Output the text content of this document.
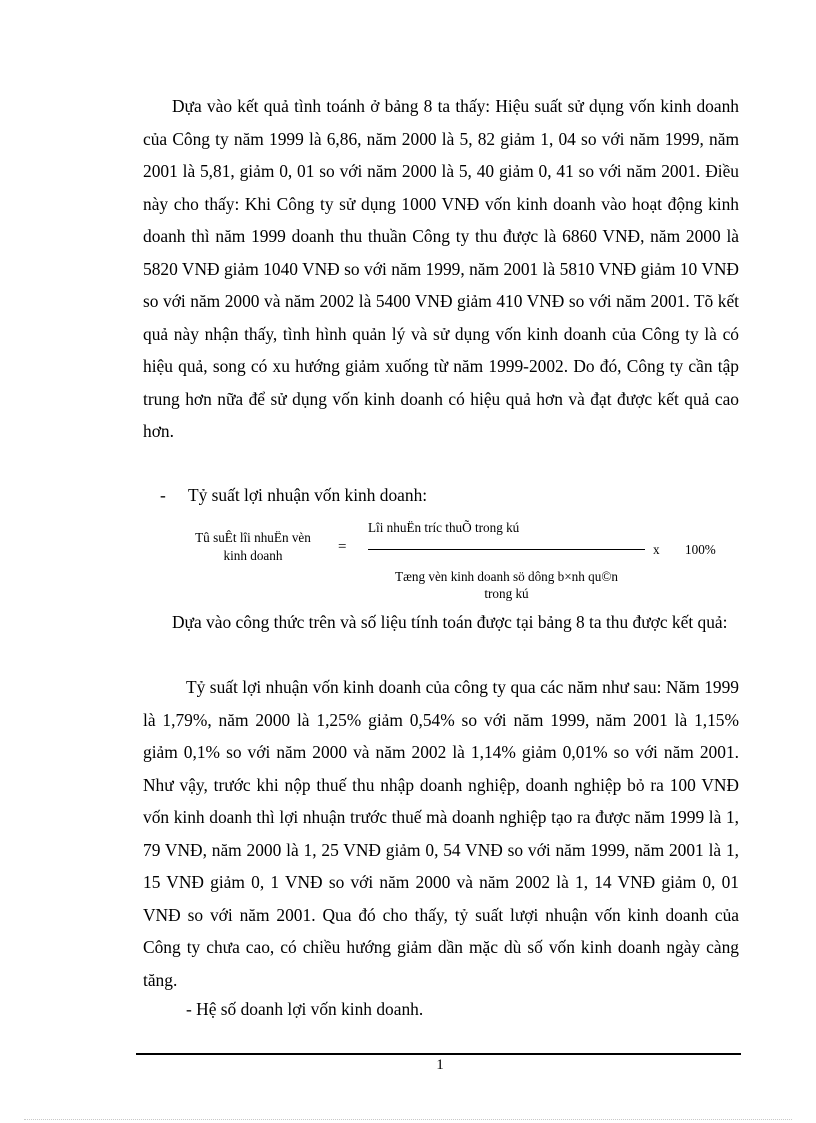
Dựa vào kết quả tình toánh ở bảng 8 ta thấy: Hiệu suất sử dụng vốn kinh doanh của Công ty năm 1999 là 6,86, năm 2000 là 5, 82 giảm 1, 04 so với năm 1999, năm 2001 là 5,81, giảm 0, 01 so với năm 2000 là 5, 40 giảm 0, 41 so với năm 2001. Điều này cho thấy: Khi Công ty sử dụng 1000 VNĐ vốn kinh doanh vào hoạt động kinh doanh thì năm 1999 doanh thu thuần Công ty thu được là 6860 VNĐ, năm 2000 là 5820 VNĐ giảm 1040 VNĐ so với năm 1999, năm 2001 là 5810 VNĐ giảm 10 VNĐ so với năm 2000 và năm 2002 là 5400 VNĐ giảm 410 VNĐ so với năm 2001. Tõ kết quả này nhận thấy, tình hình quản lý và sử dụng vốn kinh doanh của Công ty là có hiệu quả, song có xu hướng giảm xuống từ năm 1999-2002. Do đó, Công ty cần tập trung hơn nữa để sử dụng vốn kinh doanh có hiệu quả hơn và đạt được kết quả cao hơn.

- Tỷ suất lợi nhuận vốn kinh doanh:
Tû suÊt lîi nhuËn vèn
kinh doanh
=
Lîi nhuËn tríc thuÕ trong kú
Tæng vèn kinh doanh sö dông b×nh qu©n
trong kú
x 100%

Dựa vào công thức trên và số liệu tính toán được tại bảng 8 ta thu được kết quả:

Tỷ suất lợi nhuận vốn kinh doanh của công ty qua các năm như sau: Năm 1999 là 1,79%, năm 2000 là 1,25% giảm 0,54% so với năm 1999, năm 2001 là 1,15% giảm 0,1% so với năm 2000 và năm 2002 là 1,14% giảm 0,01% so với năm 2001. Như vậy, trước khi nộp thuế thu nhập doanh nghiệp, doanh nghiệp bỏ ra 100 VNĐ vốn kinh doanh thì lợi nhuận trước thuế mà doanh nghiệp tạo ra được năm 1999 là 1, 79 VNĐ, năm 2000 là 1, 25 VNĐ giảm 0, 54 VNĐ so với năm 1999, năm 2001 là 1, 15 VNĐ giảm 0, 1 VNĐ so với năm 2000 và năm 2002 là 1, 14 VNĐ giảm 0, 01 VNĐ so với năm 2001. Qua đó cho thấy, tỷ suất lượi nhuận vốn kinh doanh của Công ty chưa cao, có chiều hướng giảm dần mặc dù số vốn kinh doanh ngày càng tăng.

- Hệ số doanh lợi vốn kinh doanh.
1
